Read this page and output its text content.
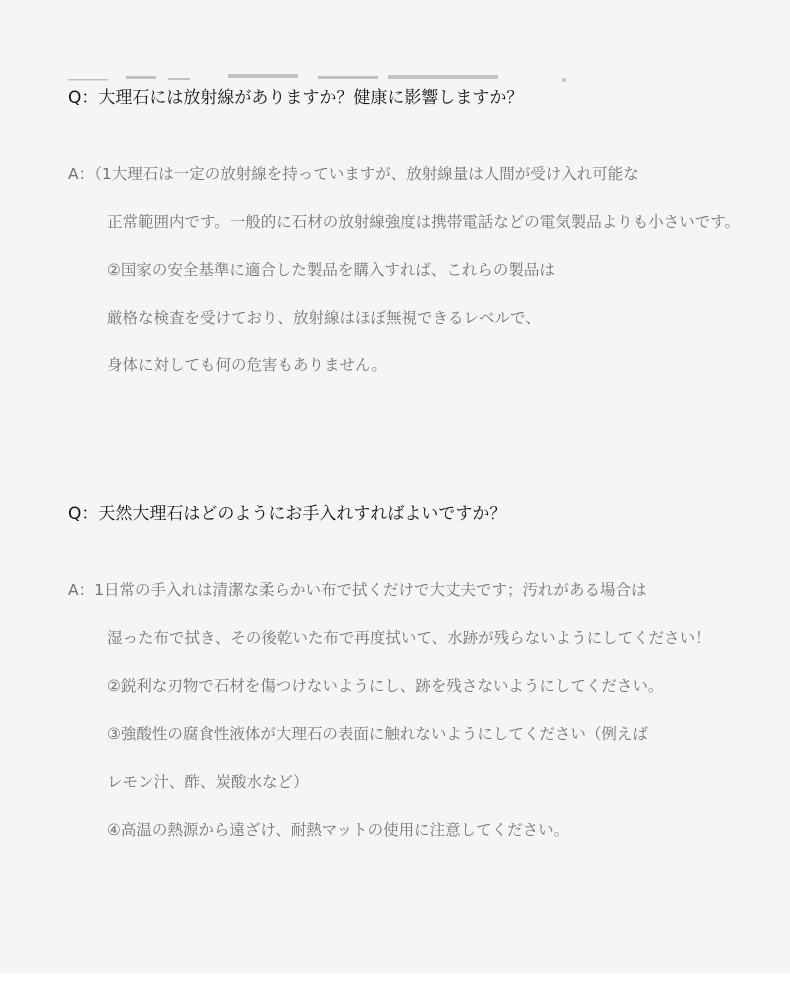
Q：大理石には放射線がありますか？健康に影響しますか？
A：（1大理石は一定の放射線を持っていますが、放射線量は人間が受け入れ可能な
正常範囲内です。一般的に石材の放射線強度は携帯電話などの電気製品よりも小さいです。
②国家の安全基準に適合した製品を購入すれば、これらの製品は
厳格な検査を受けており、放射線はほぼ無視できるレベルで、
身体に対しても何の危害もありません。
Q：天然大理石はどのようにお手入れすればよいですか？
A：1日常の手入れは清潔な柔らかい布で拭くだけで大丈夫です；汚れがある場合は
湿った布で拭き、その後乾いた布で再度拭いて、水跡が残らないようにしてください！
②鋭利な刃物で石材を傷つけないようにし、跡を残さないようにしてください。
③強酸性の腐食性液体が大理石の表面に触れないようにしてください（例えば
レモン汁、酢、炭酸水など）
④高温の熱源から遠ざけ、耐熱マットの使用に注意してください。
